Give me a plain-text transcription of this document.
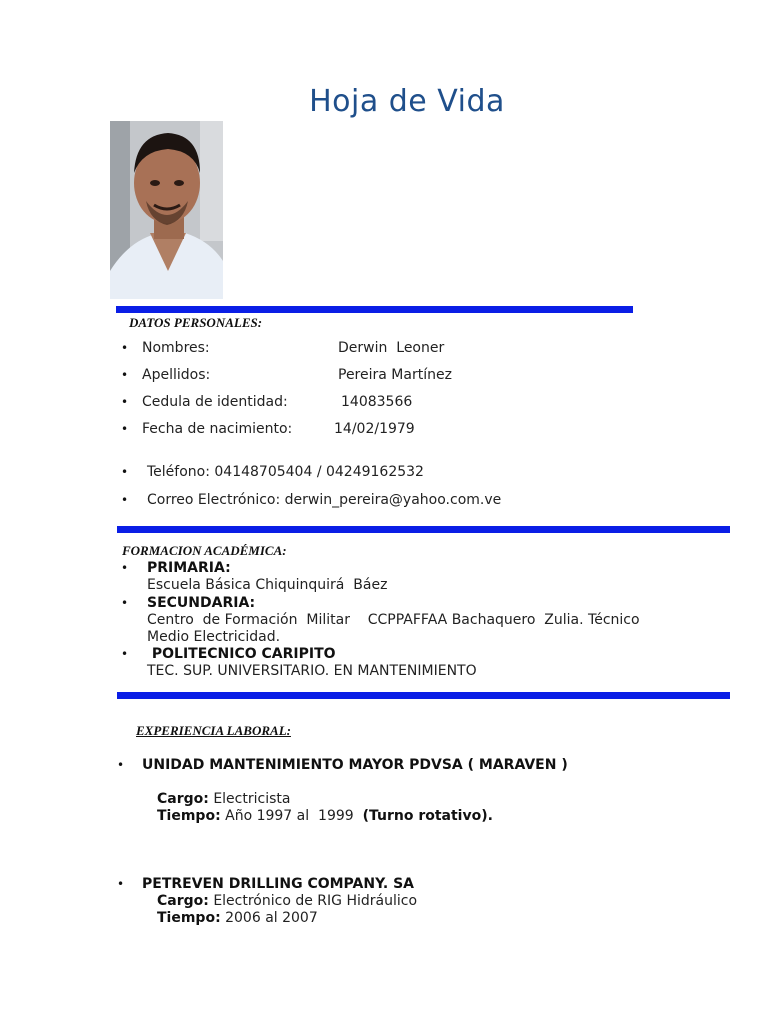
Hoja de Vida
DATOS PERSONALES:
• Nombres:	Derwin  Leoner
• Apellidos:	Pereira Martínez
• Cedula de identidad:	14083566
• Fecha de nacimiento:	14/02/1979
• Teléfono: 04148705404 / 04249162532
• Correo Electrónico: derwin_pereira@yahoo.com.ve
FORMACION ACADÉMICA:
• PRIMARIA:
Escuela Básica Chiquinquirá  Báez
• SECUNDARIA:
Centro  de Formación  Militar    CCPPAFFAA Bachaquero  Zulia. Técnico
Medio Electricidad.
• POLITECNICO CARIPITO
TEC. SUP. UNIVERSITARIO. EN MANTENIMIENTO
EXPERIENCIA LABORAL:
• UNIDAD MANTENIMIENTO MAYOR PDVSA ( MARAVEN )
Cargo: Electricista
Tiempo: Año 1997 al  1999  (Turno rotativo).
• PETREVEN DRILLING COMPANY. SA
Cargo: Electrónico de RIG Hidráulico
Tiempo: 2006 al 2007
